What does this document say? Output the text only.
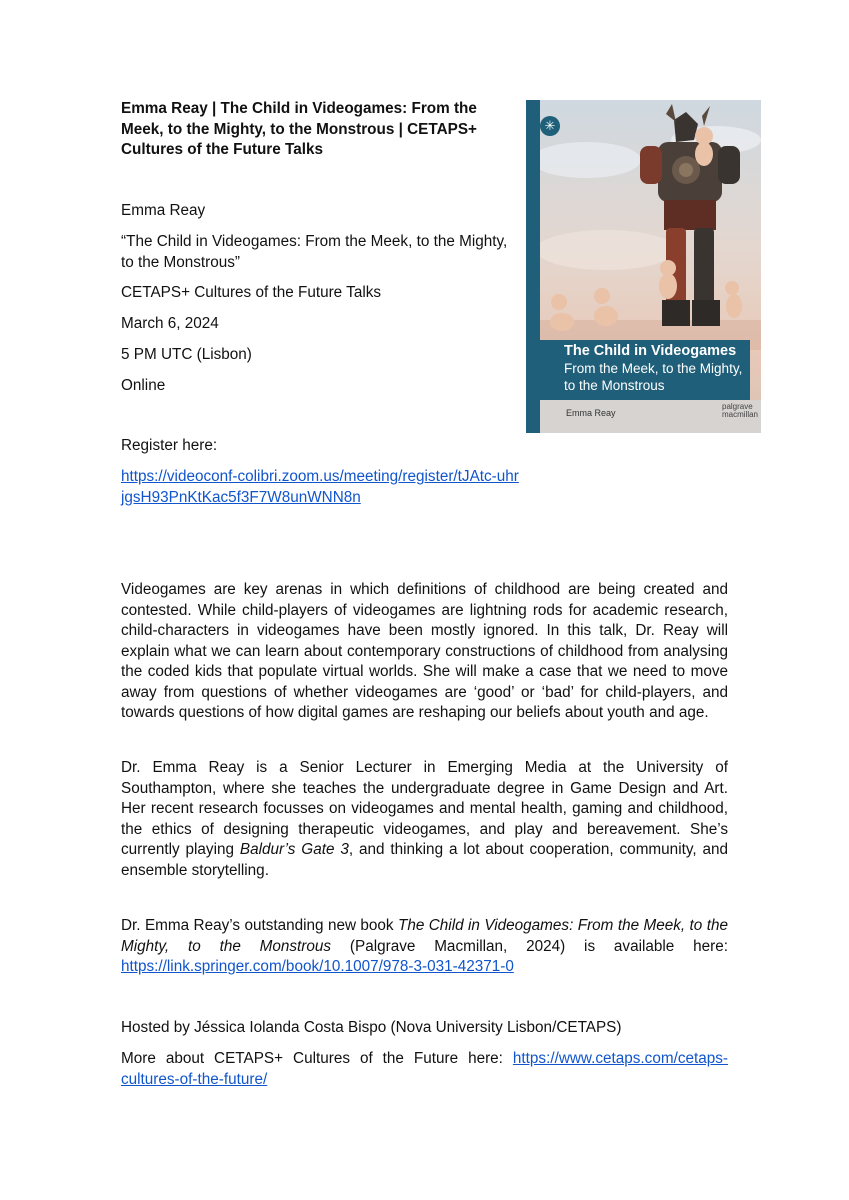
Emma Reay | The Child in Videogames: From the Meek, to the Mighty, to the Monstrous | CETAPS+ Cultures of the Future Talks
Emma Reay
“The Child in Videogames: From the Meek, to the Mighty, to the Monstrous”
CETAPS+ Cultures of the Future Talks
March 6, 2024
5 PM UTC (Lisbon)
Online
Register here:
https://videoconf-colibri.zoom.us/meeting/register/tJAtc-uhrjgsH93PnKtKac5f3F7W8unWNN8n

Videogames are key arenas in which definitions of childhood are being created and contested. While child-players of videogames are lightning rods for academic research, child-characters in videogames have been mostly ignored. In this talk, Dr. Reay will explain what we can learn about contemporary constructions of childhood from analysing the coded kids that populate virtual worlds. She will make a case that we need to move away from questions of whether videogames are ‘good’ or ‘bad’ for child-players, and towards questions of how digital games are reshaping our beliefs about youth and age.

Dr. Emma Reay is a Senior Lecturer in Emerging Media at the University of Southampton, where she teaches the undergraduate degree in Game Design and Art. Her recent research focusses on videogames and mental health, gaming and childhood, the ethics of designing therapeutic videogames, and play and bereavement. She’s currently playing Baldur’s Gate 3, and thinking a lot about cooperation, community, and ensemble storytelling.

Dr. Emma Reay’s outstanding new book The Child in Videogames: From the Meek, to the Mighty, to the Monstrous (Palgrave Macmillan, 2024) is available here: https://link.springer.com/book/10.1007/978-3-031-42371-0

Hosted by Jéssica Iolanda Costa Bispo (Nova University Lisbon/CETAPS)

More about CETAPS+ Cultures of the Future here: https://www.cetaps.com/cetaps-cultures-of-the-future/

✳
The Child in Videogames
From the Meek, to the Mighty,
to the Monstrous
Emma Reay
palgrave
macmillan
